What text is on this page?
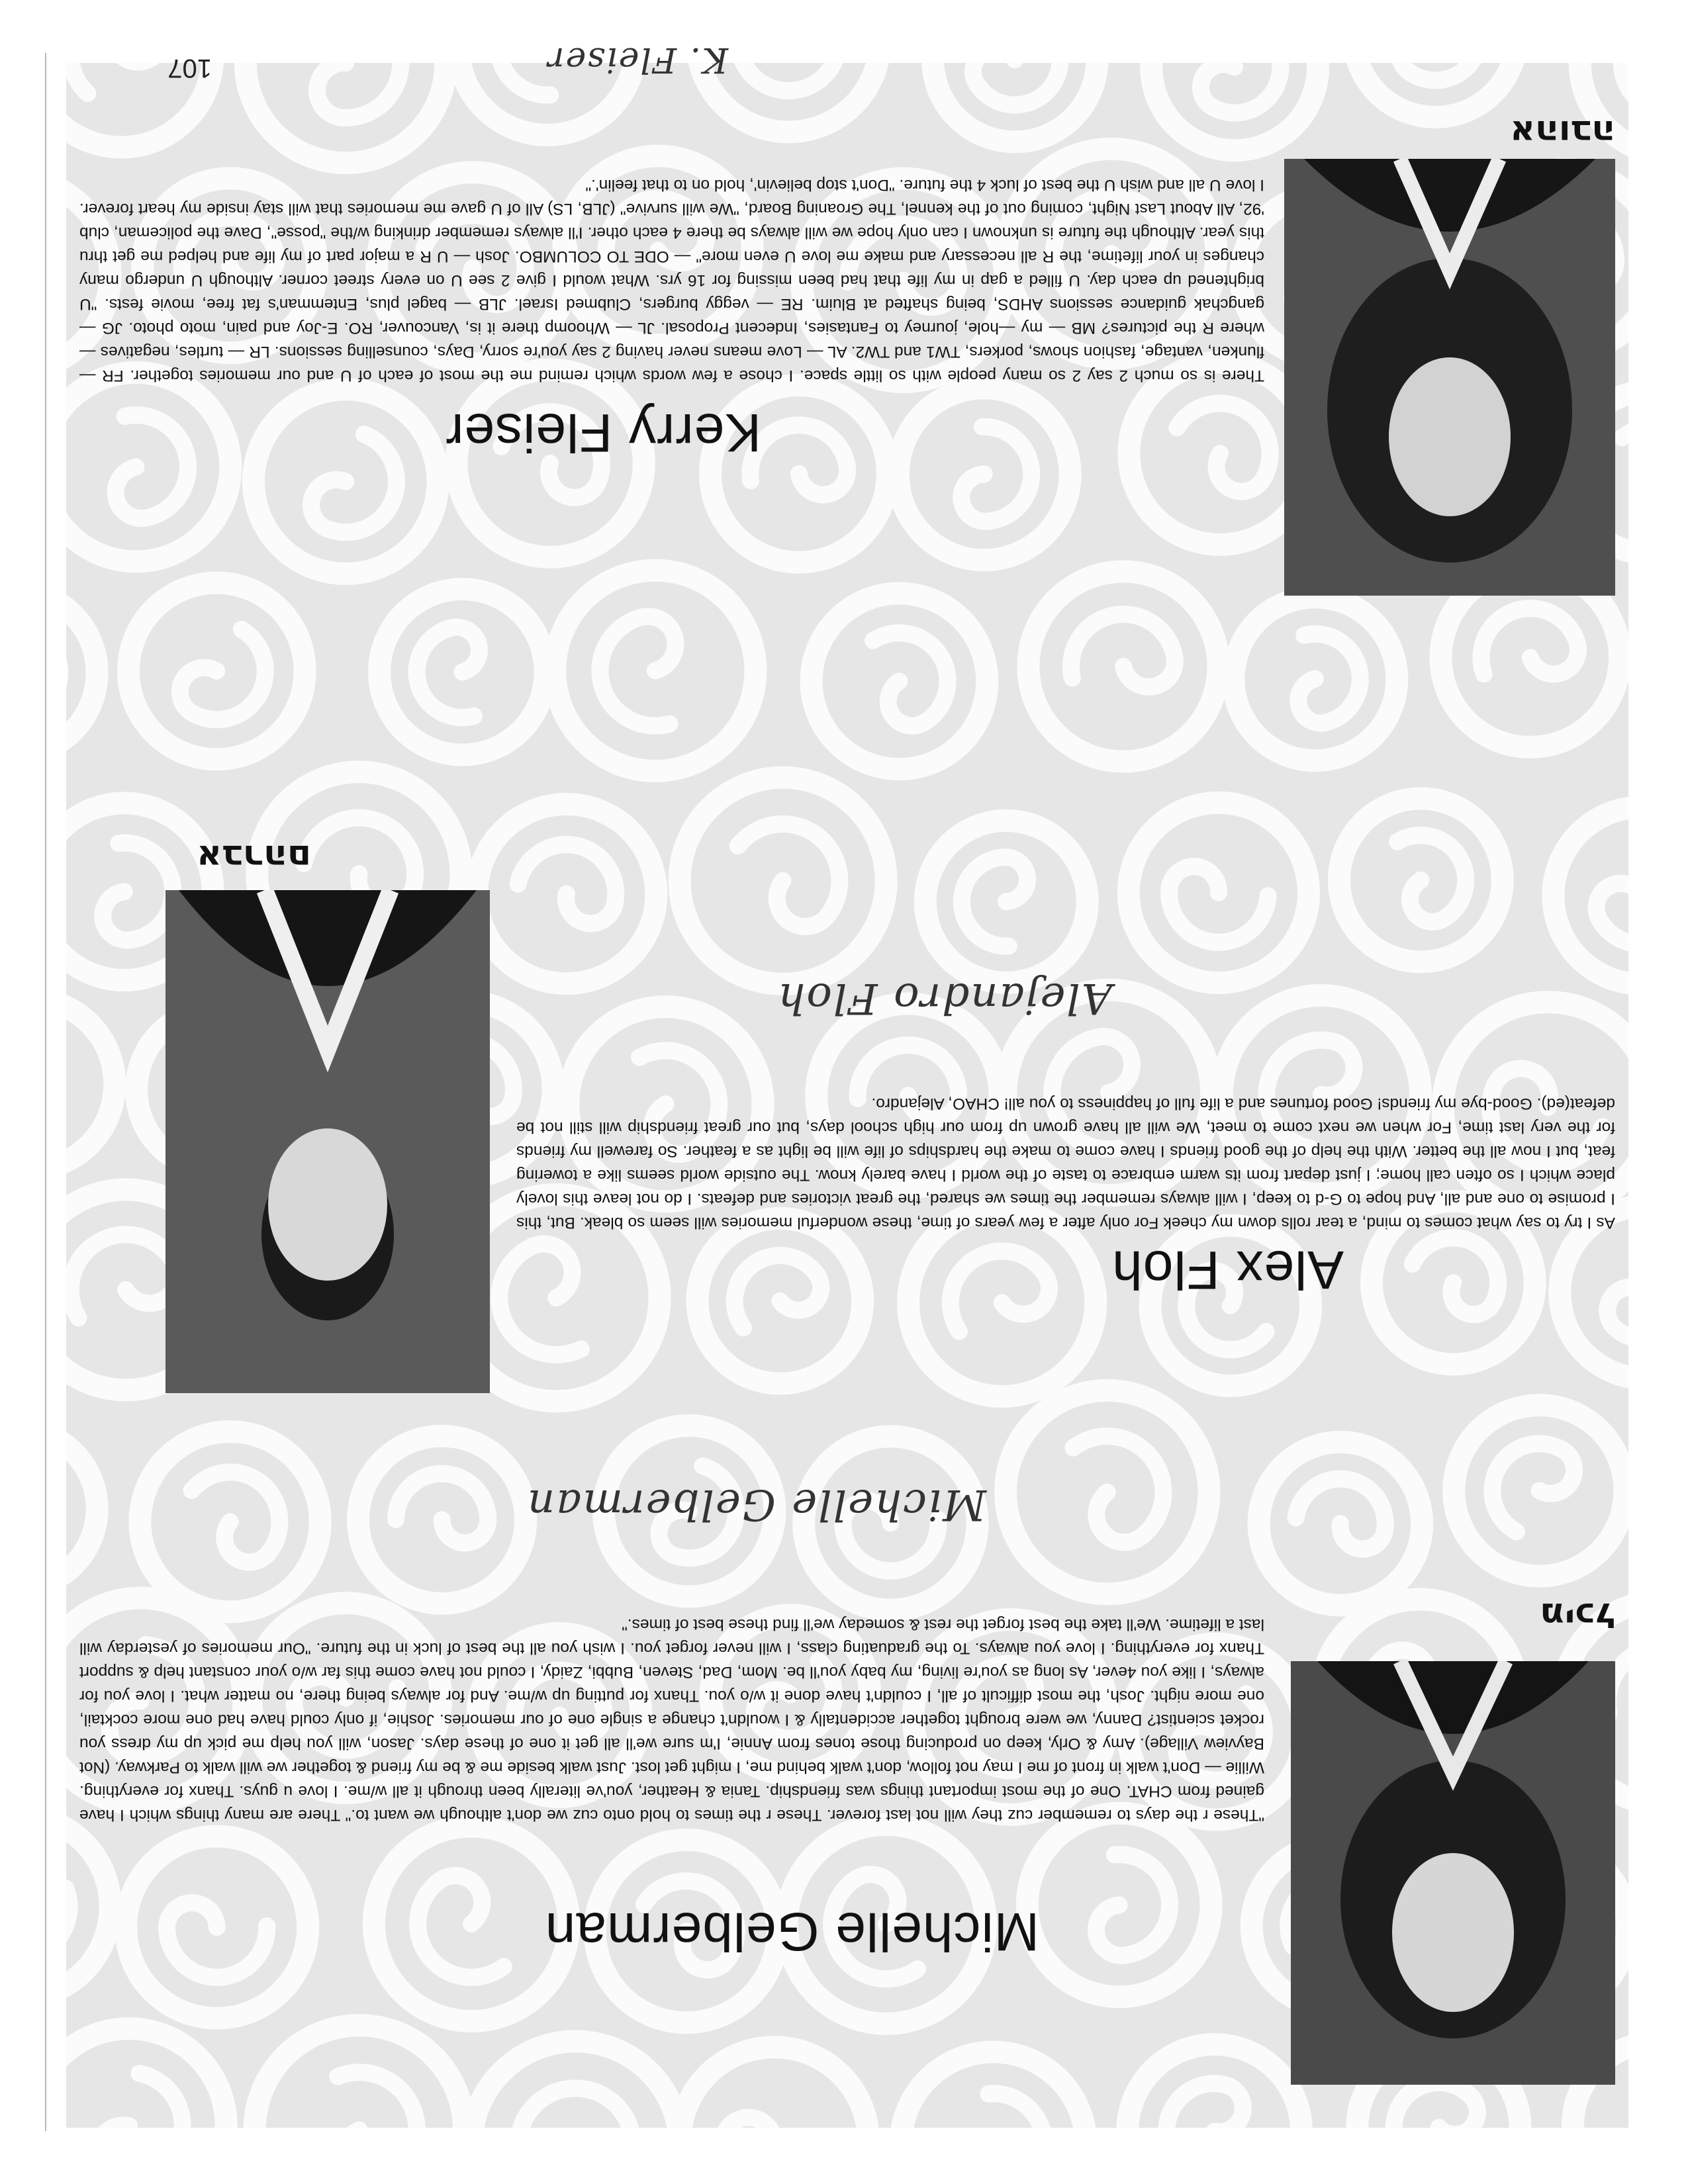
מיכל
Michelle Gelberman

"These r the days to remember cuz they will not last forever. These r the times to hold onto cuz we don't although we want to." There are many things which I have gained from CHAT. One of the most important things was friendship. Tania & Heather, you've literally been through it all w/me. I love u guys. Thanx for everything. Willie — Don't walk in front of me I may not follow, don't walk behind me, I might get lost. Just walk beside me & be my friend & together we will walk to Parkway. (Not Bayview Village). Amy & Orly, keep on producing those tones from Annie, I'm sure we'll all get it one of these days. Jason, will you help me pick up my dress you rocket scientist? Danny, we were brought together accidentally & I wouldn't change a single one of our memories. Joshie, if only could have had one more cocktail, one more night. Josh, the most difficult of all, I couldn't have done it w/o you. Thanx for putting up w/me. And for always being there, no matter what. I love you for always, I like you 4ever, As long as you're living, my baby you'll be. Mom, Dad, Steven, Bubbi, Zaidy, I could not have come this far w/o your constant help & support Thanx for everything. I love you always. To the graduating class, I will never forget you. I wish you all the best of luck in the future. "Our memories of yesterday will last a lifetime. We'll take the best forget the rest & someday we'll find these best of times."

Michelle Gelberman
אברהם
Alex Floh

As I try to say what comes to mind, a tear rolls down my cheek For only after a few years of time, these wonderful memories will seem so bleak. But, this I promise to one and all, And hope to G-d to keep, I will always remember the times we shared, the great victories and defeats. I do not leave this lovely place which I so often call home; I just depart from its warm embrace to taste of the world I have barely know. The outside world seems like a towering feat, but I now all the better. With the help of the good friends I have come to make the hardships of life will be light as a feather. So farewell my friends for the very last time, For when we next come to meet, We will all have grown up from our high school days, but our great friendship will still not be defeat(ed). Good-bye my friends! Good fortunes and a life full of happiness to you all! CHAO, Alejandro.

Alejandro Floh
אהובה
Kerry Fleiser

There is so much 2 say 2 so many people with so little space. I chose a few words which remind me the most of each of U and our memories together. FR — flunken, vantage, fashion shows, porkers, TW1 and TW2. AL — Love means never having 2 say you're sorry, Days, counselling sessions. LR — turtles, negatives — where R the pictures? MB — my —hole, journey to Fantasies, Indecent Proposal. JL — Whoomp there it is, Vancouver, RO. E-Joy and pain, moto photo. JG — gangchak guidance sessions AHDS, being shafted at Bluim. RE — veggy burgers, Clubmed Israel. JLB — bagel plus, Entemman's fat free, movie fests. "U brightened up each day. U filled a gap in my life that had been missing for 16 yrs. What would I give 2 see U on every street corner. Although U undergo many changes in your lifetime, the R all necessary and make me love U even more" — ODE TO COLUMBO. Josh — U R a major part of my life and helped me get thru this year. Although the future is unknown I can only hope we will always be there 4 each other. I'll always remember drinking w/the "posse", Dave the policeman, club '92, All About Last Night, coming out of the kennel, The Groaning Board, "We will survive" (JLB, LS) All of U gave me memories that will stay inside my heart forever. I love U all and wish U the best of luck 4 the future. "Don't stop believin', hold on to that feelin'."

K. Fleiser
107
